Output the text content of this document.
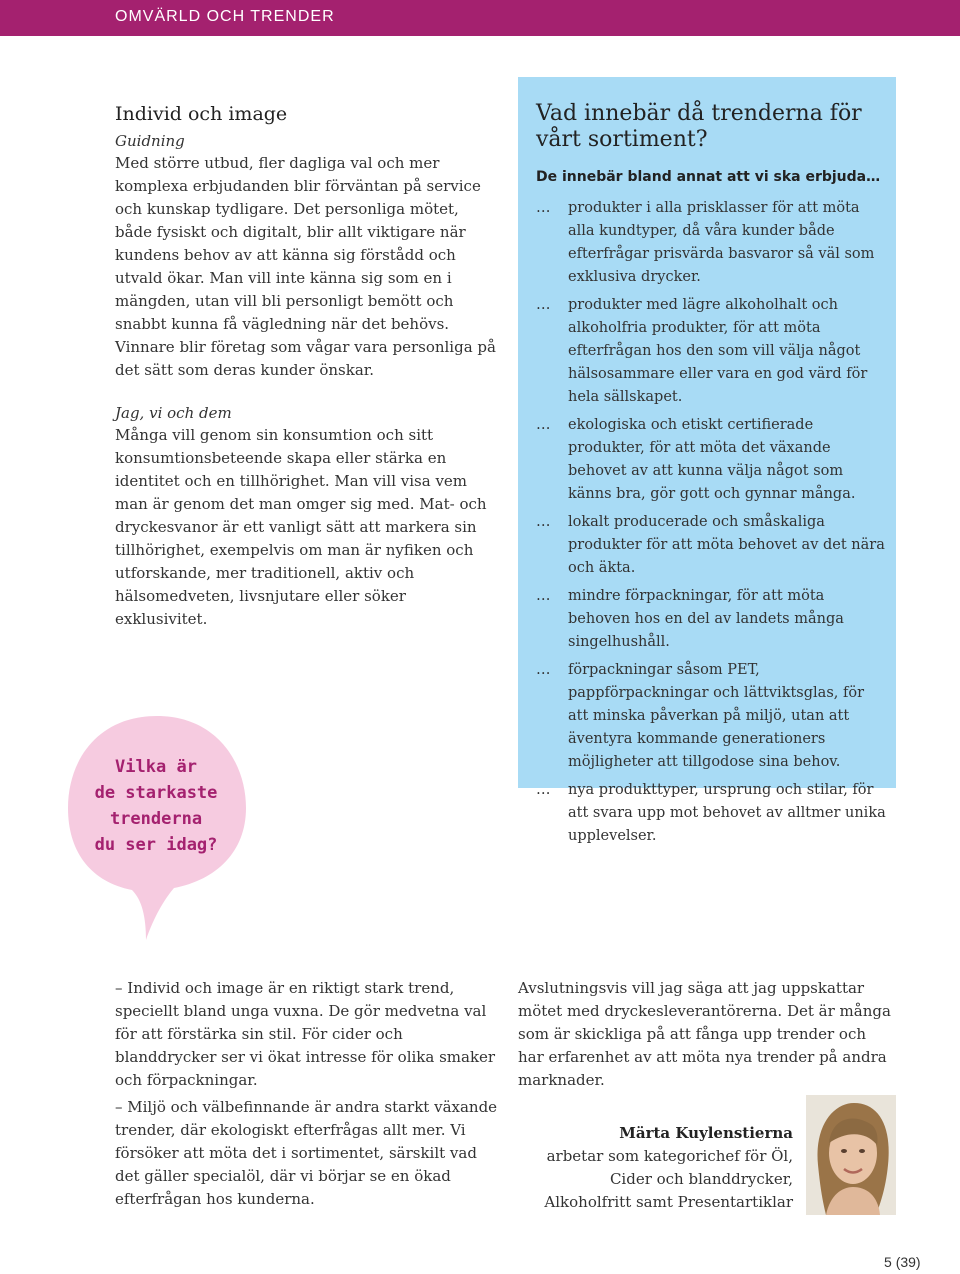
OMVÄRLD OCH TRENDER
Individ och image
Guidning

Med större utbud, fler dagliga val och mer komplexa erbjudanden blir förväntan på service och kunskap tydligare. Det personliga mötet, både fysiskt och digitalt, blir allt viktigare när kundens behov av att känna sig förstådd och utvald ökar. Man vill inte känna sig som en i mängden, utan vill bli personligt bemött och snabbt kunna få vägledning när det behövs. Vinnare blir företag som vågar vara personliga på det sätt som deras kunder önskar.

Jag, vi och dem

Många vill genom sin konsumtion och sitt konsumtionsbeteende skapa eller stärka en identitet och en tillhörighet. Man vill visa vem man är genom det man omger sig med. Mat- och dryckesvanor är ett vanligt sätt att markera sin tillhörighet, exempelvis om man är nyfiken och utforskande, mer traditionell, aktiv och hälsomedveten, livsnjutare eller söker exklusivitet.

Vilka är
de starkaste
trenderna
du ser idag?
Vad innebär då trenderna för vårt sortiment?
De innebär bland annat att vi ska erbjuda…
… produkter i alla prisklasser för att möta alla kundtyper, då våra kunder både efterfrågar prisvärda basvaror så väl som exklusiva drycker.
… produkter med lägre alkoholhalt och alkoholfria produkter, för att möta efterfrågan hos den som vill välja något hälsosammare eller vara en god värd för hela sällskapet.
… ekologiska och etiskt certifierade produkter, för att möta det växande behovet av att kunna välja något som känns bra, gör gott och gynnar många.
… lokalt producerade och småskaliga produkter för att möta behovet av det nära och äkta.
… mindre förpackningar, för att möta behoven hos en del av landets många singelhushåll.
… förpackningar såsom PET, pappförpackningar och lättviktsglas, för att minska påverkan på miljö, utan att äventyra kommande generationers möjligheter att tillgodose sina behov.
… nya produkttyper, ursprung och stilar, för att svara upp mot behovet av alltmer unika upplevelser.

– Individ och image är en riktigt stark trend, speciellt bland unga vuxna. De gör medvetna val för att förstärka sin stil. För cider och blanddrycker ser vi ökat intresse för olika smaker och förpackningar.

– Miljö och välbefinnande är andra starkt växande trender, där ekologiskt efterfrågas allt mer. Vi försöker att möta det i sortimentet, särskilt vad det gäller specialöl, där vi börjar se en ökad efterfrågan hos kunderna.

Avslutningsvis vill jag säga att jag uppskattar mötet med dryckesleverantörerna. Det är många som är skickliga på att fånga upp trender och har erfarenhet av att möta nya trender på andra marknader.

Märta Kuylenstierna
arbetar som kategorichef för Öl,
Cider och blanddrycker,
Alkoholfritt samt Presentartiklar
5 (39)
